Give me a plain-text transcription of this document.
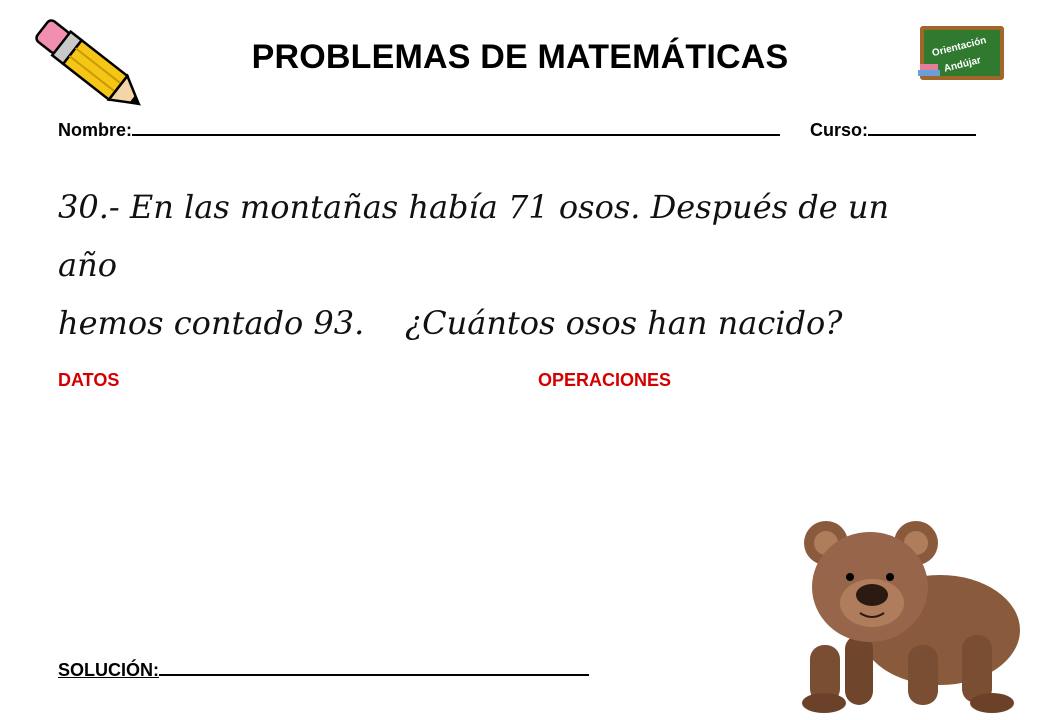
PROBLEMAS DE MATEMÁTICAS	Orientación
Andújar
Nombre:	Curso:
30.- En las montañas había 71 osos. Después de un año
hemos contado 93.    ¿Cuántos osos han nacido?
DATOS	OPERACIONES
SOLUCIÓN:
